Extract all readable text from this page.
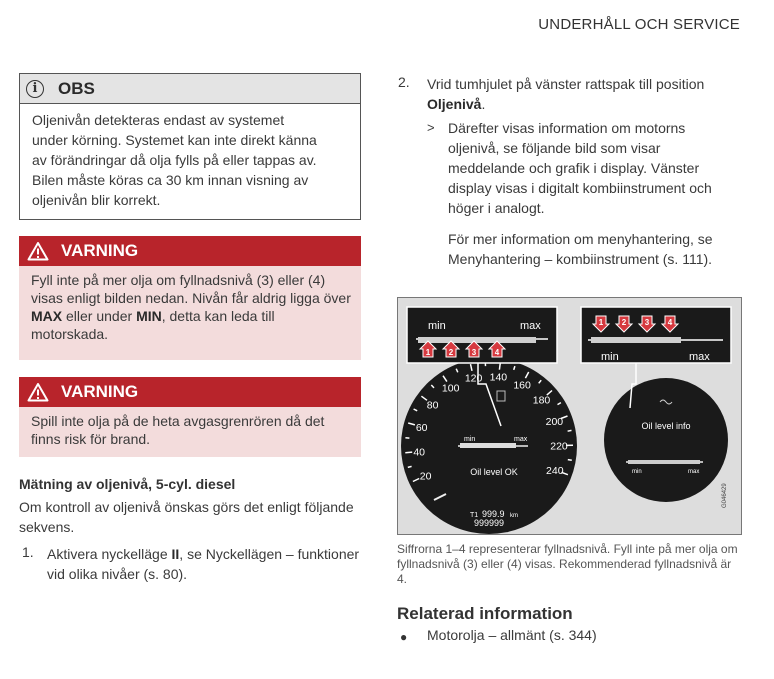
UNDERHÅLL OCH SERVICE
i	OBS
Oljenivån detekteras endast av systemet
under körning. Systemet kan inte direkt känna
av förändringar då olja fylls på eller tappas av.
Bilen måste köras ca 30 km innan visning av
oljenivån blir korrekt.
VARNING
Fyll inte på mer olja om fyllnadsnivå (3) eller (4) visas enligt bilden nedan. Nivån får aldrig ligga över MAX eller under MIN, detta kan leda till motorskada.
VARNING
Spill inte olja på de heta avgasgrenrören då det finns risk för brand.
Mätning av oljenivå, 5-cyl. diesel
Om kontroll av oljenivå önskas görs det enligt följande sekvens.
1. Aktivera nyckelläge II, se Nyckellägen – funktioner vid olika nivåer (s. 80).
2. Vrid tumhjulet på vänster rattspak till position Oljenivå.
> Därefter visas information om motorns oljenivå, se följande bild som visar meddelande och grafik i display. Vänster display visas i digitalt kombiinstrument och höger i analogt.
För mer information om menyhantering, se Menyhantering – kombiinstrument (s. 111).
20
40
60
80
100
120 140
160
180
200
220
240
min	max
Oil level OK
T1 999.9 km
999999
Oil level info
min	max
min	max
1 2 3 4	min	max
1 2 3 4
G046429
Siffrorna 1–4 representerar fyllnadsnivå. Fyll inte på mer olja om fyllnadsnivå (3) eller (4) visas. Rekommenderad fyllnadsnivå är 4.
Relaterad information
● Motorolja – allmänt (s. 344)
